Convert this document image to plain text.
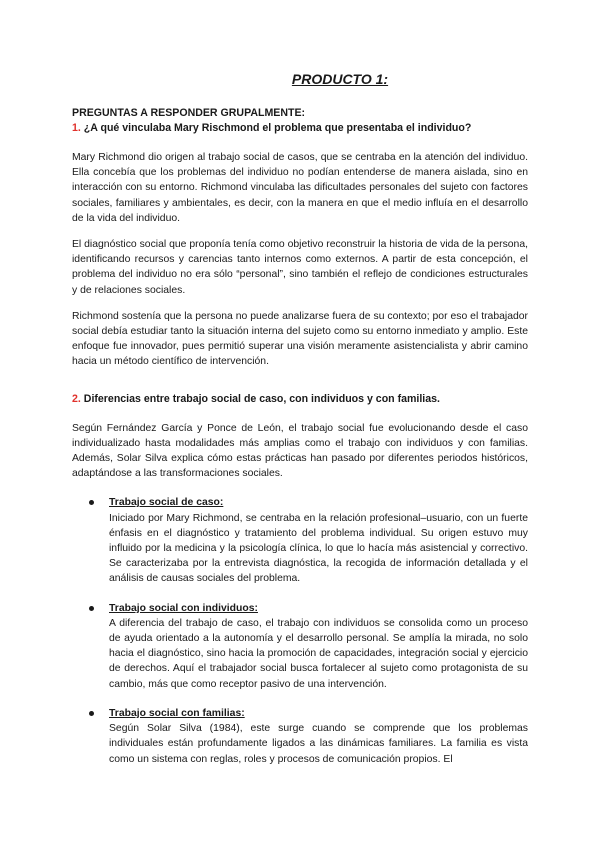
PRODUCTO 1:

PREGUNTAS A RESPONDER GRUPALMENTE:

1. ¿A qué vinculaba Mary Rischmond el problema que presentaba el individuo?

Mary Richmond dio origen al trabajo social de casos, que se centraba en la atención del individuo. Ella concebía que los problemas del individuo no podían entenderse de manera aislada, sino en interacción con su entorno. Richmond vinculaba las dificultades personales del sujeto con factores sociales, familiares y ambientales, es decir, con la manera en que el medio influía en el desarrollo de la vida del individuo.

El diagnóstico social que proponía tenía como objetivo reconstruir la historia de vida de la persona, identificando recursos y carencias tanto internos como externos. A partir de esta concepción, el problema del individuo no era sólo “personal”, sino también el reflejo de condiciones estructurales y de relaciones sociales.

Richmond sostenía que la persona no puede analizarse fuera de su contexto; por eso el trabajador social debía estudiar tanto la situación interna del sujeto como su entorno inmediato y amplio. Este enfoque fue innovador, pues permitió superar una visión meramente asistencialista y abrir camino hacia un método científico de intervención.

2. Diferencias entre trabajo social de caso, con individuos y con familias.

Según Fernández García y Ponce de León, el trabajo social fue evolucionando desde el caso individualizado hasta modalidades más amplias como el trabajo con individuos y con familias. Además, Solar Silva explica cómo estas prácticas han pasado por diferentes periodos históricos, adaptándose a las transformaciones sociales.

Trabajo social de caso:

Iniciado por Mary Richmond, se centraba en la relación profesional–usuario, con un fuerte énfasis en el diagnóstico y tratamiento del problema individual. Su origen estuvo muy influido por la medicina y la psicología clínica, lo que lo hacía más asistencial y correctivo. Se caracterizaba por la entrevista diagnóstica, la recogida de información detallada y el análisis de causas sociales del problema.

Trabajo social con individuos:

A diferencia del trabajo de caso, el trabajo con individuos se consolida como un proceso de ayuda orientado a la autonomía y el desarrollo personal. Se amplía la mirada, no solo hacia el diagnóstico, sino hacia la promoción de capacidades, integración social y ejercicio de derechos. Aquí el trabajador social busca fortalecer al sujeto como protagonista de su cambio, más que como receptor pasivo de una intervención.

Trabajo social con familias:

Según Solar Silva (1984), este surge cuando se comprende que los problemas individuales están profundamente ligados a las dinámicas familiares. La familia es vista como un sistema con reglas, roles y procesos de comunicación propios. El
